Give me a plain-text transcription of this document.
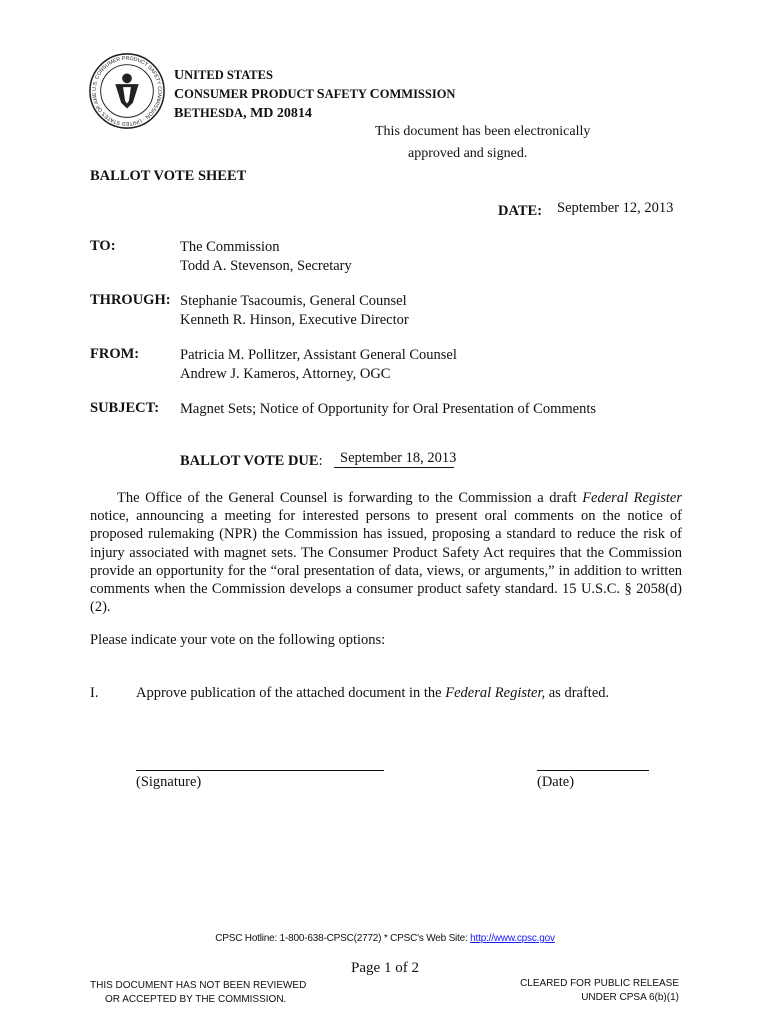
U.S. CONSUMER PRODUCT SAFETY COMMISSION · UNITED STATES OF AME
UNITED STATES
CONSUMER PRODUCT SAFETY COMMISSION
BETHESDA, MD 20814
This document has been electronically
approved and signed.
BALLOT VOTE SHEET
DATE: September 12, 2013
TO:	The Commission
Todd A. Stevenson, Secretary
THROUGH: Stephanie Tsacoumis, General Counsel
Kenneth R. Hinson, Executive Director
FROM:	Patricia M. Pollitzer, Assistant General Counsel
Andrew J. Kameros, Attorney, OGC
SUBJECT: Magnet Sets; Notice of Opportunity for Oral Presentation of Comments
BALLOT VOTE DUE: September 18, 2013
The Office of the General Counsel is forwarding to the Commission a draft Federal Register notice, announcing a meeting for interested persons to present oral comments on the notice of proposed rulemaking (NPR) the Commission has issued, proposing a standard to reduce the risk of injury associated with magnet sets. The Consumer Product Safety Act requires that the Commission provide an opportunity for the “oral presentation of data, views, or arguments,” in addition to written comments when the Commission develops a consumer product safety standard. 15 U.S.C. § 2058(d)(2).
Please indicate your vote on the following options:
I.	Approve publication of the attached document in the Federal Register, as drafted.
(Signature)	(Date)
CPSC Hotline: 1-800-638-CPSC(2772) * CPSC's Web Site: http://www.cpsc.gov
Page 1 of 2
THIS DOCUMENT HAS NOT BEEN REVIEWED
OR ACCEPTED BY THE COMMISSION.
CLEARED FOR PUBLIC RELEASE
UNDER CPSA 6(b)(1)
